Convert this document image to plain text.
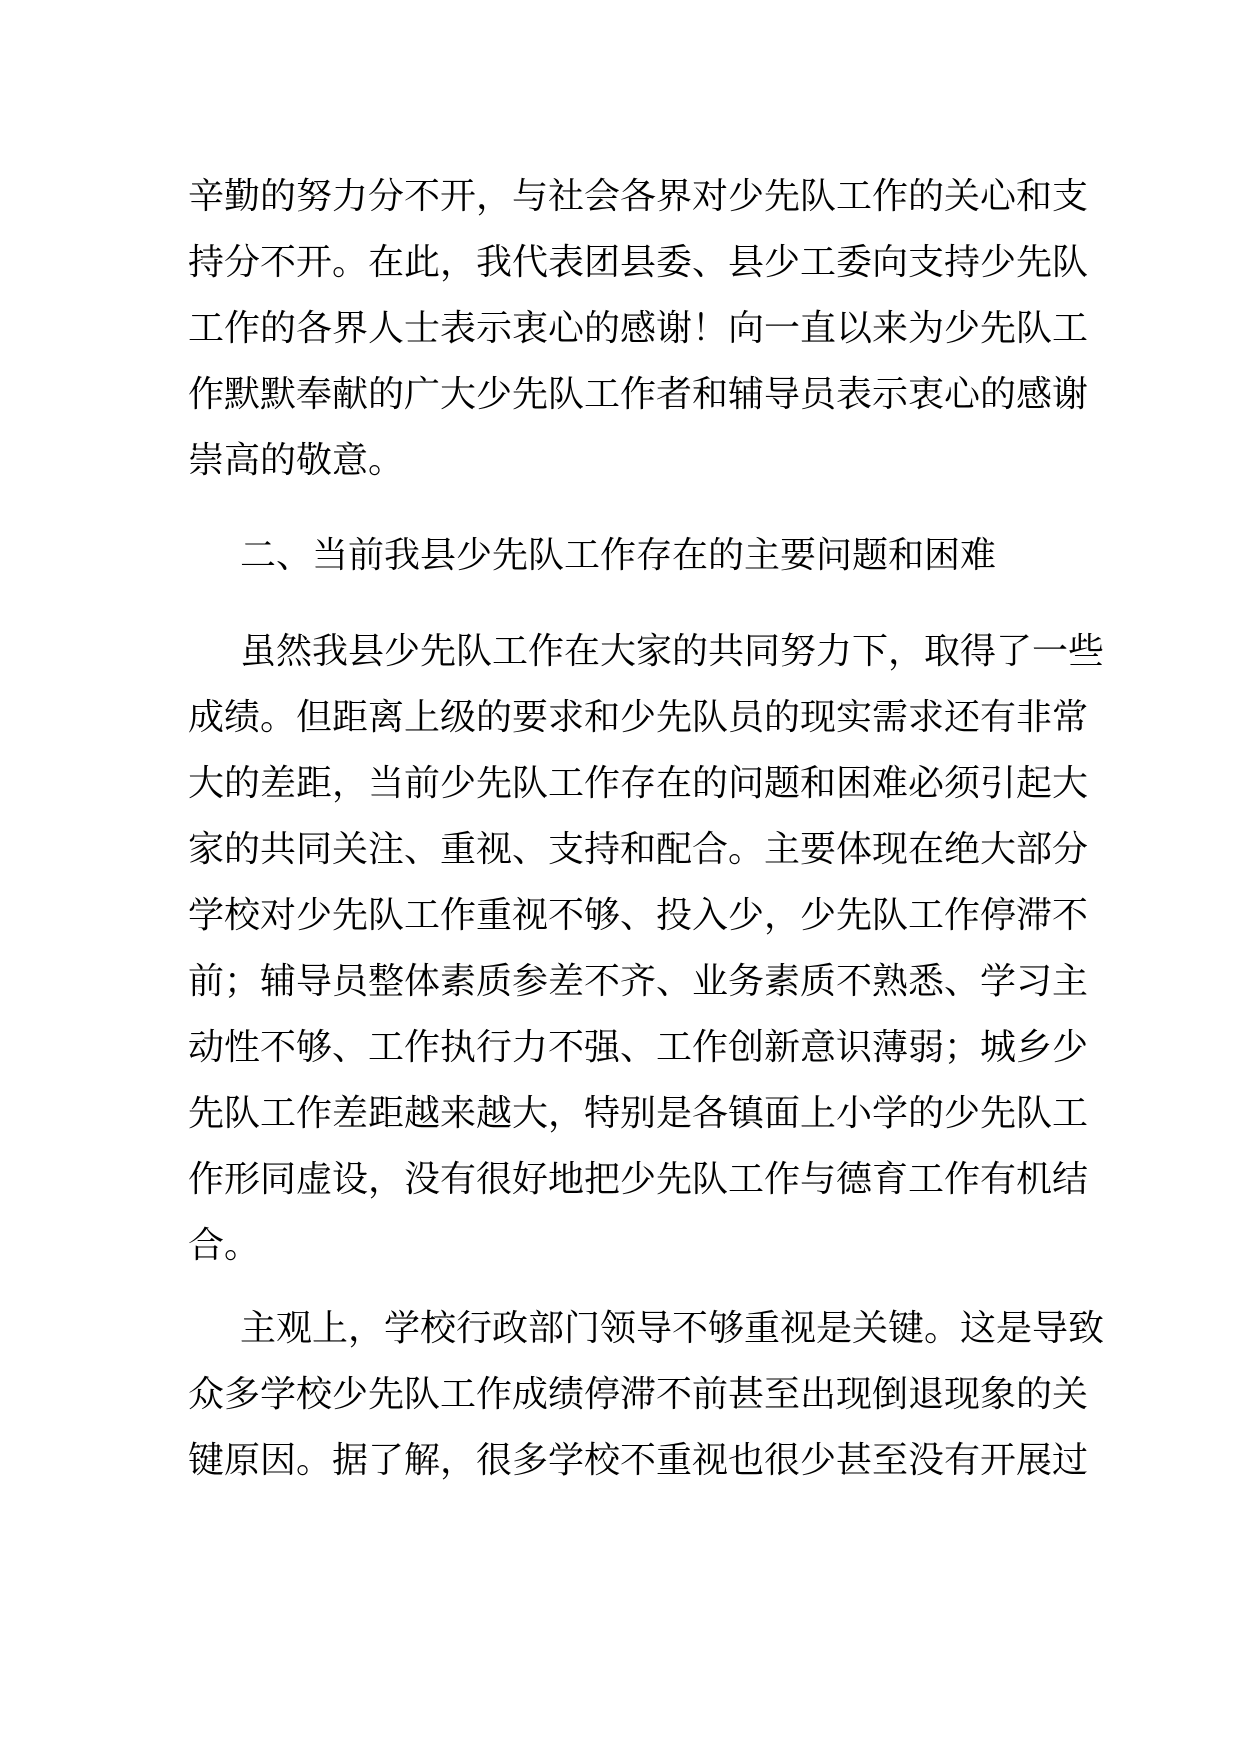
辛勤的努力分不开，与社会各界对少先队工作的关心和支
持分不开。在此，我代表团县委、县少工委向支持少先队
工作的各界人士表示衷心的感谢！向一直以来为少先队工
作默默奉献的广大少先队工作者和辅导员表示衷心的感谢
崇高的敬意。
二、当前我县少先队工作存在的主要问题和困难
虽然我县少先队工作在大家的共同努力下，取得了一些
成绩。但距离上级的要求和少先队员的现实需求还有非常
大的差距，当前少先队工作存在的问题和困难必须引起大
家的共同关注、重视、支持和配合。主要体现在绝大部分
学校对少先队工作重视不够、投入少，少先队工作停滞不
前；辅导员整体素质参差不齐、业务素质不熟悉、学习主
动性不够、工作执行力不强、工作创新意识薄弱；城乡少
先队工作差距越来越大，特别是各镇面上小学的少先队工
作形同虚设，没有很好地把少先队工作与德育工作有机结
合。
主观上，学校行政部门领导不够重视是关键。这是导致
众多学校少先队工作成绩停滞不前甚至出现倒退现象的关
键原因。据了解，很多学校不重视也很少甚至没有开展过
